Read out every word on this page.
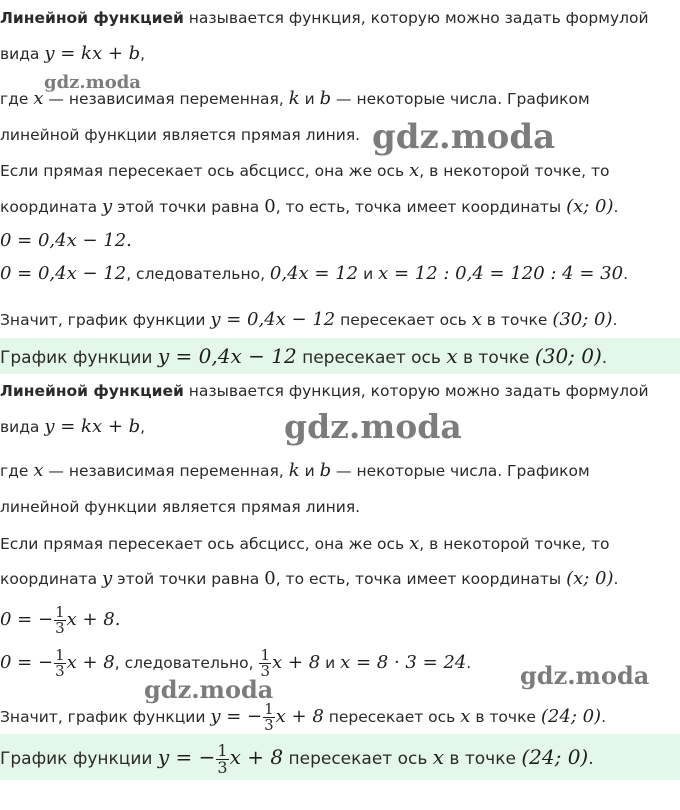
Линейной функцией называется функция, которую можно задать формулой
вида y = kx + b,
где x — независимая переменная, k и b — некоторые числа. Графиком
линейной функции является прямая линия.
Если прямая пересекает ось абсцисс, она же ось x, в некоторой точке, то
координата y этой точки равна 0, то есть, точка имеет координаты (x; 0).
0 = 0,4x − 12.
0 = 0,4x − 12, следовательно, 0,4x = 12 и x = 12 : 0,4 = 120 : 4 = 30.
Значит, график функции y = 0,4x − 12 пересекает ось x в точке (30; 0).
График функции y = 0,4x − 12 пересекает ось x в точке (30; 0).
Линейной функцией называется функция, которую можно задать формулой
вида y = kx + b,
где x — независимая переменная, k и b — некоторые числа. Графиком
линейной функции является прямая линия.
Если прямая пересекает ось абсцисс, она же ось x, в некоторой точке, то
координата y этой точки равна 0, то есть, точка имеет координаты (x; 0).
0 = − $\frac{1}{3}$ x + 8.
0 = − $\frac{1}{3}$ x + 8, следовательно, $\frac{1}{3}$ x + 8 и x = 8 · 3 = 24.
Значит, график функции y = − $\frac{1}{3}$ x + 8 пересекает ось x в точке (24; 0).
График функции y = − $\frac{1}{3}$ x + 8 пересекает ось x в точке (24; 0).
gdz.moda
gdz.moda
gdz.moda
gdz.moda
gdz.moda
